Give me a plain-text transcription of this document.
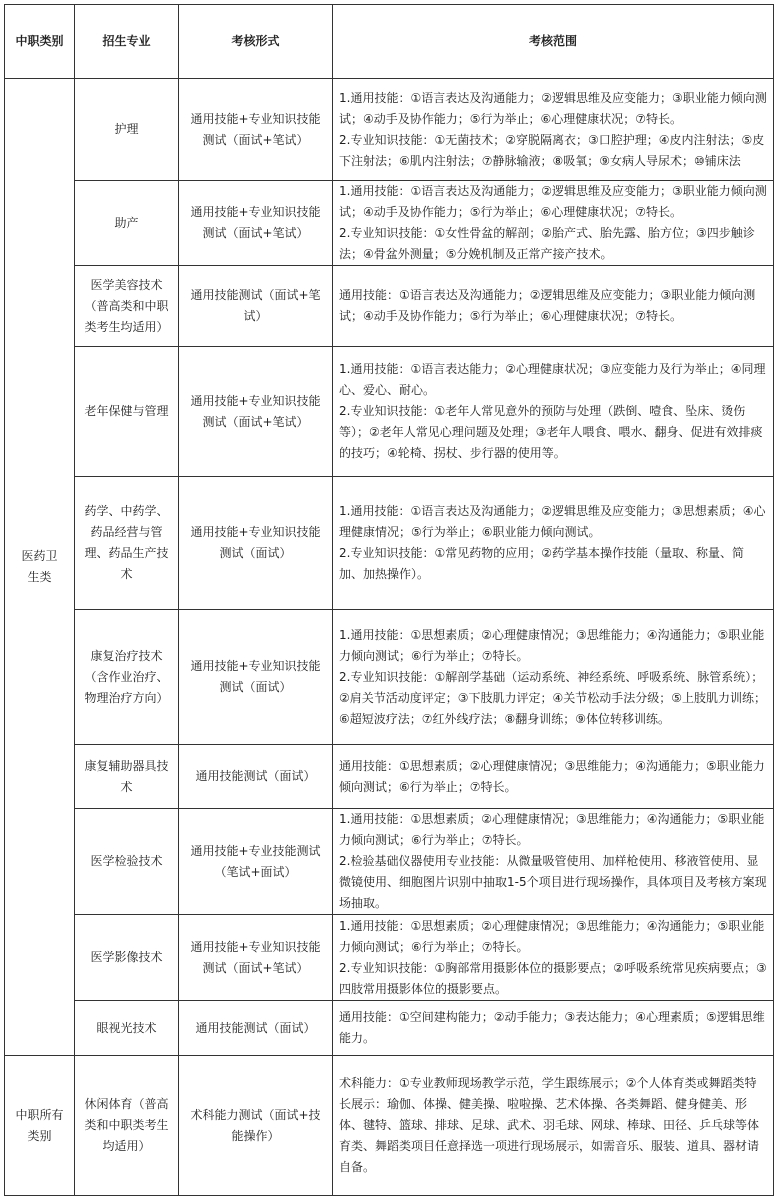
中职类别	招生专业	考核形式	考核范围
医药卫生类	护理	通用技能+专业知识技能测试（面试+笔试）	1.通用技能：①语言表达及沟通能力；②逻辑思维及应变能力；③职业能力倾向测试；④动手及协作能力；⑤行为举止；⑥心理健康状况；⑦特长。
2.专业知识技能：①无菌技术；②穿脱隔离衣；③口腔护理；④皮内注射法；⑤皮下注射法；⑥肌内注射法；⑦静脉输液；⑧吸氧；⑨女病人导尿术；⑩铺床法

	助产	通用技能+专业知识技能测试（面试+笔试）	1.通用技能：①语言表达及沟通能力；②逻辑思维及应变能力；③职业能力倾向测试；④动手及协作能力；⑤行为举止；⑥心理健康状况；⑦特长。
2.专业知识技能：①女性骨盆的解剖；②胎产式、胎先露、胎方位；③四步触诊法；④骨盆外测量；⑤分娩机制及正常产接产技术。

	医学美容技术（普高类和中职类考生均适用）	通用技能测试（面试+笔试）	通用技能：①语言表达及沟通能力；②逻辑思维及应变能力；③职业能力倾向测试；④动手及协作能力；⑤行为举止；⑥心理健康状况；⑦特长。

	老年保健与管理	通用技能+专业知识技能测试（面试+笔试）	1.通用技能：①语言表达能力；②心理健康状况；③应变能力及行为举止；④同理心、爱心、耐心。
2.专业知识技能：①老年人常见意外的预防与处理（跌倒、噎食、坠床、烫伤等）；②老年人常见心理问题及处理；③老年人喂食、喂水、翻身、促进有效排痰的技巧；④轮椅、拐杖、步行器的使用等。

	药学、中药学、药品经营与管理、药品生产技术	通用技能+专业知识技能测试（面试）	1.通用技能：①语言表达及沟通能力；②逻辑思维及应变能力；③思想素质；④心理健康情况；⑤行为举止；⑥职业能力倾向测试。
2.专业知识技能：①常见药物的应用；②药学基本操作技能（量取、称量、简加、加热操作）。

	康复治疗技术（含作业治疗、物理治疗方向）	通用技能+专业知识技能测试（面试）	1.通用技能：①思想素质；②心理健康情况；③思维能力；④沟通能力；⑤职业能力倾向测试；⑥行为举止；⑦特长。
2.专业知识技能：①解剖学基础（运动系统、神经系统、呼吸系统、脉管系统）；②肩关节活动度评定；③下肢肌力评定；④关节松动手法分级；⑤上肢肌力训练；⑥超短波疗法；⑦红外线疗法；⑧翻身训练；⑨体位转移训练。

	康复辅助器具技术	通用技能测试（面试）	通用技能：①思想素质；②心理健康情况；③思维能力；④沟通能力；⑤职业能力倾向测试；⑥行为举止；⑦特长。

	医学检验技术	通用技能+专业技能测试（笔试+面试）	1.通用技能：①思想素质；②心理健康情况；③思维能力；④沟通能力；⑤职业能力倾向测试；⑥行为举止；⑦特长。
2.检验基础仪器使用专业技能：从微量吸管使用、加样枪使用、移液管使用、显微镜使用、细胞图片识别中抽取1-5个项目进行现场操作，具体项目及考核方案现场抽取。

	医学影像技术	通用技能+专业知识技能测试（面试+笔试）	1.通用技能：①思想素质；②心理健康情况；③思维能力；④沟通能力；⑤职业能力倾向测试；⑥行为举止；⑦特长。
2.专业知识技能：①胸部常用摄影体位的摄影要点；②呼吸系统常见疾病要点；③四肢常用摄影体位的摄影要点。

	眼视光技术	通用技能测试（面试）	通用技能：①空间建构能力；②动手能力；③表达能力；④心理素质；⑤逻辑思维能力。

中职所有类别	休闲体育（普高类和中职类考生均适用）	术科能力测试（面试+技能操作）	术科能力：①专业教师现场教学示范，学生跟练展示；②个人体育类或舞蹈类特长展示：瑜伽、体操、健美操、啦啦操、艺术体操、各类舞蹈、健身健美、形体、毽特、篮球、排球、足球、武术、羽毛球、网球、棒球、田径、乒乓球等体育类、舞蹈类项目任意择选一项进行现场展示，如需音乐、服装、道具、器材请自备。
